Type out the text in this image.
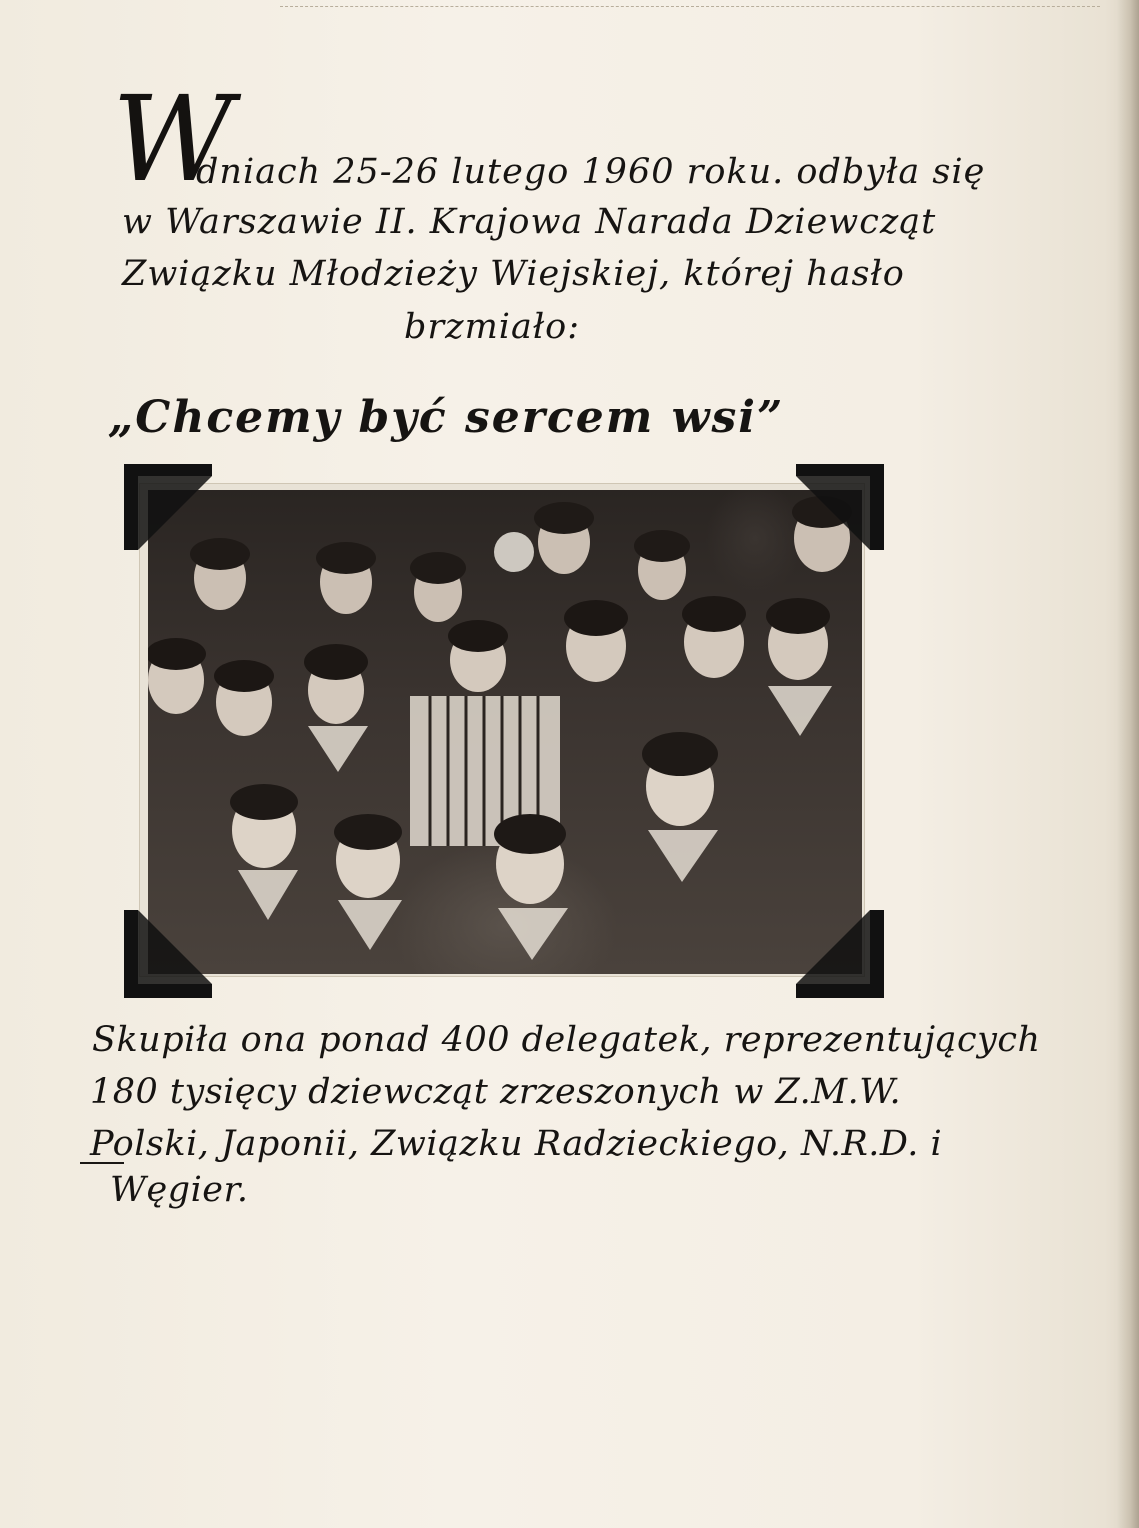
W
dniach 25-26 lutego 1960 roku. odbyła się
w Warszawie II. Krajowa Narada Dziewcząt
Związku Młodzieży Wiejskiej, której hasło
brzmiało:
„Chcemy być sercem wsi”
Skupiła ona ponad 400 delegatek, reprezentujących
180 tysięcy dziewcząt zrzeszonych w Z.M.W.
Polski, Japonii, Związku Radzieckiego, N.R.D. i
Węgier.
